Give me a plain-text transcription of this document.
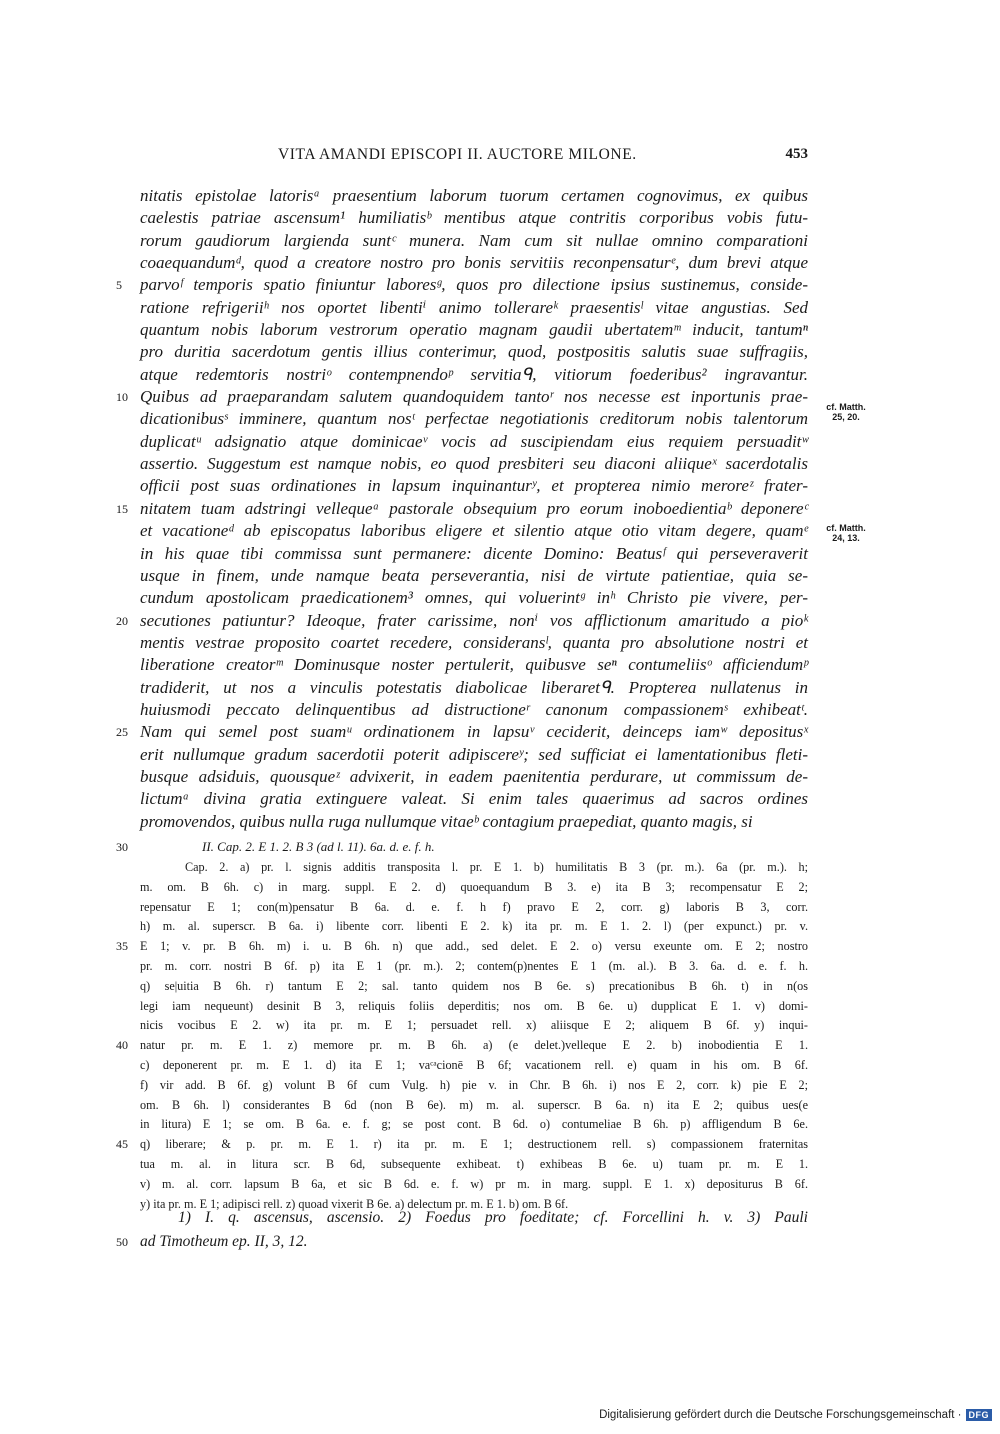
VITA AMANDI EPISCOPI II. AUCTORE MILONE.	453
nitatis epistolae latorisᵃ praesentium laborum tuorum certamen cognovimus, ex quibus
caelestis patriae ascensum¹ humiliatisᵇ mentibus atque contritis corporibus vobis futu-
rorum gaudiorum largienda suntᶜ munera. Nam cum sit nullae omnino comparationi
coaequandumᵈ, quod a creatore nostro pro bonis servitiis reconpensaturᵉ, dum brevi atque
5 parvoᶠ temporis spatio finiuntur laboresᵍ, quos pro dilectione ipsius sustinemus, conside-
ratione refrigeriiʰ nos oportet libentiⁱ animo tollerareᵏ praesentisˡ vitae angustias. Sed
quantum nobis laborum vestrorum operatio magnam gaudii ubertatemᵐ inducit, tantumⁿ
pro duritia sacerdotum gentis illius conterimur, quod, postpositis salutis suae suffragiis,
atque redemtoris nostriᵒ contempnendoᵖ servitiaᑫ, vitiorum foederibus² ingravantur.
10 Quibus ad praeparandam salutem quandoquidem tantoʳ nos necesse est inportunis prae-
dicationibusˢ imminere, quantum nosᵗ perfectae negotiationis creditorum nobis talentorum
duplicatᵘ adsignatio atque dominicaeᵛ vocis ad suscipiendam eius requiem persuaditʷ
assertio. Suggestum est namque nobis, eo quod presbiteri seu diaconi aliiqueˣ sacerdotalis
officii post suas ordinationes in lapsum inquinanturʸ, et propterea nimio meroreᶻ frater-
15 nitatem tuam adstringi vellequeᵃ pastorale obsequium pro eorum inoboedientiaᵇ deponereᶜ
et vacationeᵈ ab episcopatus laboribus eligere et silentio atque otio vitam degere, quamᵉ
in his quae tibi commissa sunt permanere: dicente Domino: Beatusᶠ qui perseveraverit
usque in finem, unde namque beata perseverantia, nisi de virtute patientiae, quia se-
cundum apostolicam praedicationem³ omnes, qui voluerintᵍ inʰ Christo pie vivere, per-
20 secutiones patiuntur? Ideoque, frater carissime, nonⁱ vos afflictionum amaritudo a pioᵏ
mentis vestrae proposito coartet recedere, consideransˡ, quanta pro absolutione nostri et
liberatione creatorᵐ Dominusque noster pertulerit, quibusve seⁿ contumeliisᵒ afficiendumᵖ
tradiderit, ut nos a vinculis potestatis diabolicae liberaretᑫ. Propterea nullatenus in
huiusmodi peccato delinquentibus ad distructioneʳ canonum compassionemˢ exhibeatᵗ.
25 Nam qui semel post suamᵘ ordinationem in lapsuᵛ ceciderit, deinceps iamʷ depositusˣ
erit nullumque gradum sacerdotii poterit adipiscereʸ; sed sufficiat ei lamentationibus fleti-
busque adsiduis, quousqueᶻ advixerit, in eadem paenitentia perdurare, ut commissum de-
lictumᵃ divina gratia extinguere valeat. Si enim tales quaerimus ad sacros ordines
promovendos, quibus nulla ruga nullumque vitaeᵇ contagium praepediat, quanto magis, si
cf. Matth.
25, 20.
cf. Matth.
24, 13.
30	II. Cap. 2. E 1. 2. B 3 (ad l. 11). 6a. d. e. f. h.
Cap. 2. a) pr. l. signis additis transposita l. pr. E 1. b) humilitatis B 3 (pr. m.). 6a (pr. m.). h;
m. om. B 6h. c) in marg. suppl. E 2. d) quoequandum B 3. e) ita B 3; recompensatur E 2;
repensatur E 1; con(m)pensatur B 6a. d. e. f. h f) pravo E 2, corr. g) laboris B 3, corr.
h) m. al. superscr. B 6a. i) libente corr. libenti E 2. k) ita pr. m. E 1. 2. l) (per expunct.) pr. v.
35 E 1; v. pr. B 6h. m) i. u. B 6h. n) que add., sed delet. E 2. o) versu exeunte om. E 2; nostro
pr. m. corr. nostri B 6f. p) ita E 1 (pr. m.). 2; contem(p)nentes E 1 (m. al.). B 3. 6a. d. e. f. h.
q) se|uitia B 6h. r) tantum E 2; sal. tanto quidem nos B 6e. s) precationibus B 6h. t) in n(os
legi iam nequeunt) desinit B 3, reliquis foliis deperditis; nos om. B 6e. u) dupplicat E 1. v) domi-
nicis vocibus E 2. w) ita pr. m. E 1; persuadet rell. x) aliisque E 2; aliquem B 6f. y) inqui-
40 natur pr. m. E 1. z) memore pr. m. B 6h. a) (e delet.)velleque E 2. b) inobodientia E 1.
c) deponerent pr. m. E 1. d) ita E 1; vaᶜᵃcionē B 6f; vacationem rell. e) quam in his om. B 6f.
f) vir add. B 6f. g) volunt B 6f cum Vulg. h) pie v. in Chr. B 6h. i) nos E 2, corr. k) pie E 2;
om. B 6h. l) considerantes B 6d (non B 6e). m) m. al. superscr. B 6a. n) ita E 2; quibus ues(e
in litura) E 1; se om. B 6a. e. f. g; se post cont. B 6d. o) contumeliae B 6h. p) affligendum B 6e.
45 q) liberare; & p. pr. m. E 1. r) ita pr. m. E 1; destructionem rell. s) compassionem fraternitas
tua m. al. in litura scr. B 6d, subsequente exhibeat. t) exhibeas B 6e. u) tuam pr. m. E 1.
v) m. al. corr. lapsum B 6a, et sic B 6d. e. f. w) pr m. in marg. suppl. E 1. x) depositurus B 6f.
y) ita pr. m. E 1; adipisci rell. z) quoad vixerit B 6e. a) delectum pr. m. E 1. b) om. B 6f.
1) I. q. ascensus, ascensio. 2) Foedus pro foeditate; cf. Forcellini h. v. 3) Pauli
50 ad Timotheum ep. II, 3, 12.
Digitalisierung gefördert durch die Deutsche Forschungsgemeinschaft · DFG
